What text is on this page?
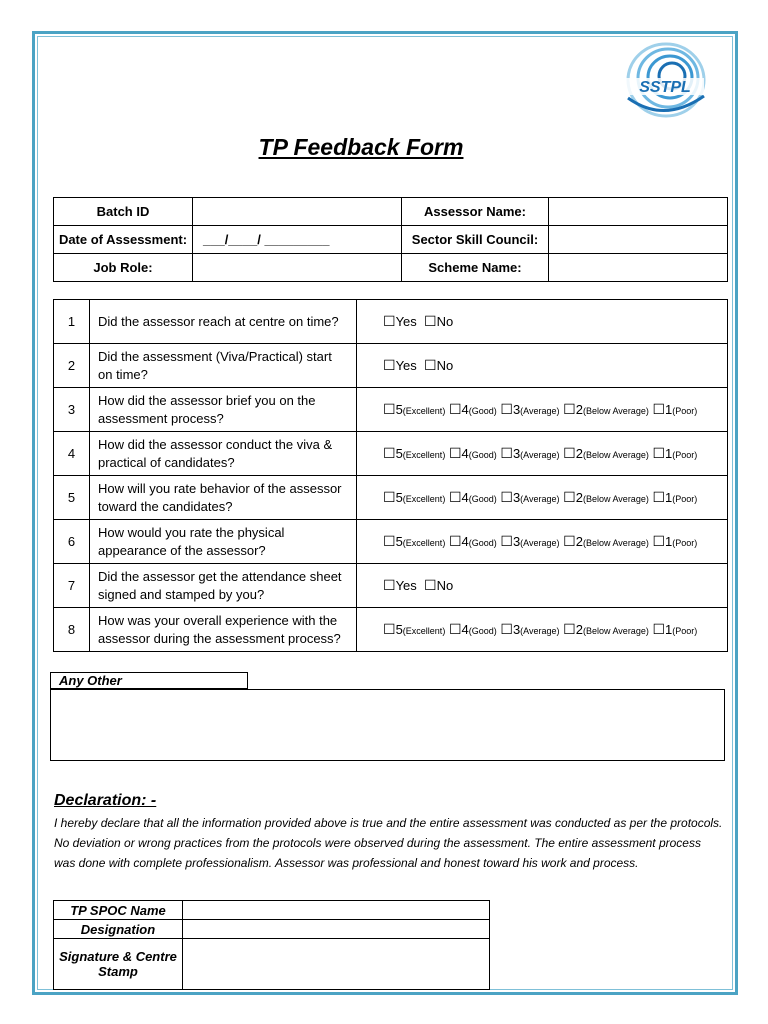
SSTPL
TP Feedback Form
Batch ID		Assessor Name:	
Date of Assessment:	___/____/ _________	Sector Skill Council:	
Job Role:		Scheme Name:	
1	Did the assessor reach at centre on time?	☐Yes ☐No
2	Did the assessment (Viva/Practical) start on time?	☐Yes ☐No
3	How did the assessor brief you on the assessment process?	☐5(Excellent) ☐4(Good) ☐3(Average) ☐2(Below Average) ☐1(Poor)
4	How did the assessor conduct the viva & practical of candidates?	☐5(Excellent) ☐4(Good) ☐3(Average) ☐2(Below Average) ☐1(Poor)
5	How will you rate behavior of the assessor toward the candidates?	☐5(Excellent) ☐4(Good) ☐3(Average) ☐2(Below Average) ☐1(Poor)
6	How would you rate the physical appearance of the assessor?	☐5(Excellent) ☐4(Good) ☐3(Average) ☐2(Below Average) ☐1(Poor)
7	Did the assessor get the attendance sheet signed and stamped by you?	☐Yes ☐No
8	How was your overall experience with the assessor during the assessment process?	☐5(Excellent) ☐4(Good) ☐3(Average) ☐2(Below Average) ☐1(Poor)
Any Other
Declaration: -
I hereby declare that all the information provided above is true and the entire assessment was conducted as per the protocols. No deviation or wrong practices from the protocols were observed during the assessment. The entire assessment process was done with complete professionalism. Assessor was professional and honest toward his work and process.
TP SPOC Name	
Designation	
Signature & Centre Stamp	
